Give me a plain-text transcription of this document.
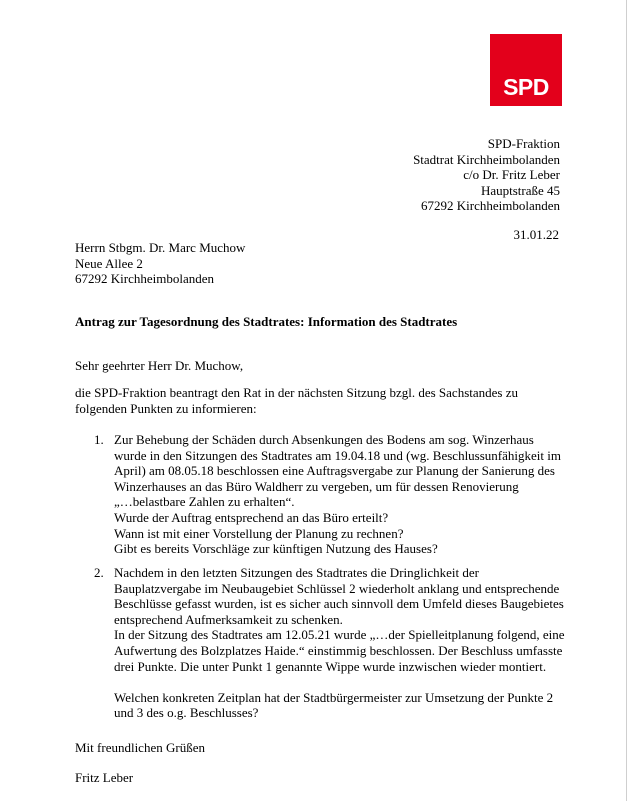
SPD
SPD-Fraktion
Stadtrat Kirchheimbolanden
c/o Dr. Fritz Leber
Hauptstraße 45
67292 Kirchheimbolanden
31.01.22
Herrn Stbgm. Dr. Marc Muchow
Neue Allee 2
67292 Kirchheimbolanden
Antrag zur Tagesordnung des Stadtrates: Information des Stadtrates
Sehr geehrter Herr Dr. Muchow,
die SPD-Fraktion beantragt den Rat in der nächsten Sitzung bzgl. des Sachstandes zu
folgenden Punkten zu informieren:
1. Zur Behebung der Schäden durch Absenkungen des Bodens am sog. Winzerhaus
wurde in den Sitzungen des Stadtrates am 19.04.18 und (wg. Beschlussunfähigkeit im
April) am 08.05.18 beschlossen eine Auftragsvergabe zur Planung der Sanierung des
Winzerhauses an das Büro Waldherr zu vergeben, um für dessen Renovierung
„…belastbare Zahlen zu erhalten“.
Wurde der Auftrag entsprechend an das Büro erteilt?
Wann ist mit einer Vorstellung der Planung zu rechnen?
Gibt es bereits Vorschläge zur künftigen Nutzung des Hauses?
2. Nachdem in den letzten Sitzungen des Stadtrates die Dringlichkeit der
Bauplatzvergabe im Neubaugebiet Schlüssel 2 wiederholt anklang und entsprechende
Beschlüsse gefasst wurden, ist es sicher auch sinnvoll dem Umfeld dieses Baugebietes
entsprechend Aufmerksamkeit zu schenken.
In der Sitzung des Stadtrates am 12.05.21 wurde „…der Spielleitplanung folgend, eine
Aufwertung des Bolzplatzes Haide.“ einstimmig beschlossen. Der Beschluss umfasste
drei Punkte. Die unter Punkt 1 genannte Wippe wurde inzwischen wieder montiert.
Welchen konkreten Zeitplan hat der Stadtbürgermeister zur Umsetzung der Punkte 2
und 3 des o.g. Beschlusses?
Mit freundlichen Grüßen
Fritz Leber
